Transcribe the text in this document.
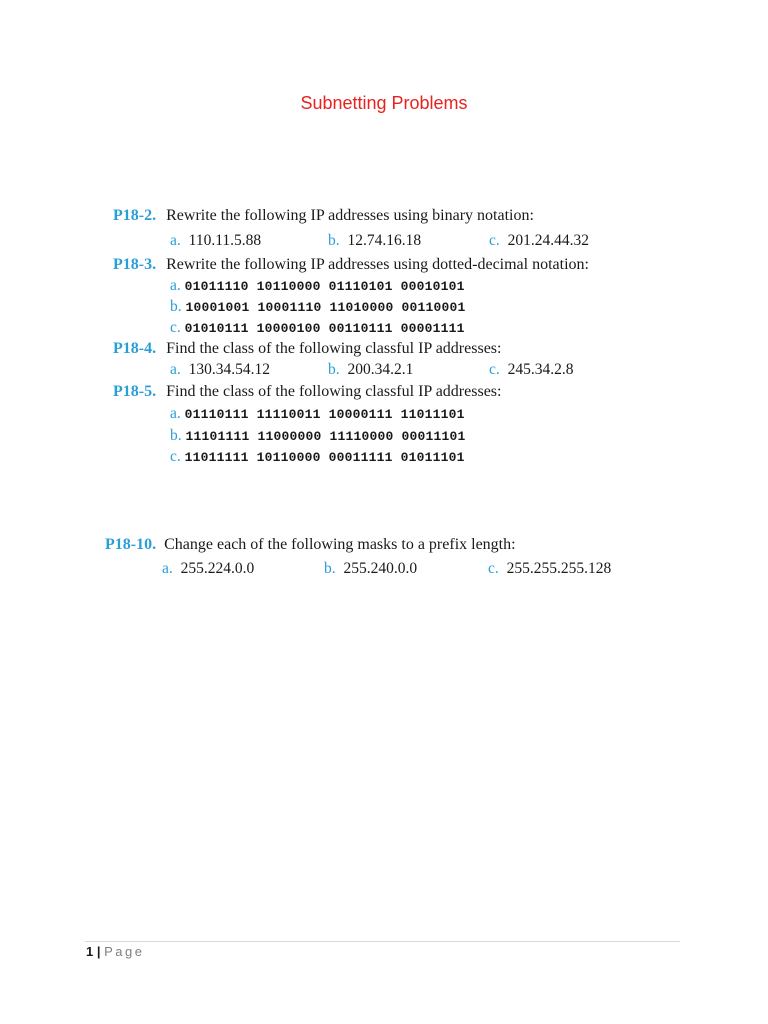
Subnetting Problems
P18-2. Rewrite the following IP addresses using binary notation:
a. 110.11.5.88	b. 12.74.16.18	c. 201.24.44.32
P18-3. Rewrite the following IP addresses using dotted-decimal notation:
a. 01011110 10110000 01110101 00010101
b. 10001001 10001110 11010000 00110001
c. 01010111 10000100 00110111 00001111
P18-4. Find the class of the following classful IP addresses:
a. 130.34.54.12	b. 200.34.2.1	c. 245.34.2.8
P18-5. Find the class of the following classful IP addresses:
a. 01110111 11110011 10000111 11011101
b. 11101111 11000000 11110000 00011101
c. 11011111 10110000 00011111 01011101
P18-10. Change each of the following masks to a prefix length:
a. 255.224.0.0	b. 255.240.0.0	c. 255.255.255.128
1 | Page
